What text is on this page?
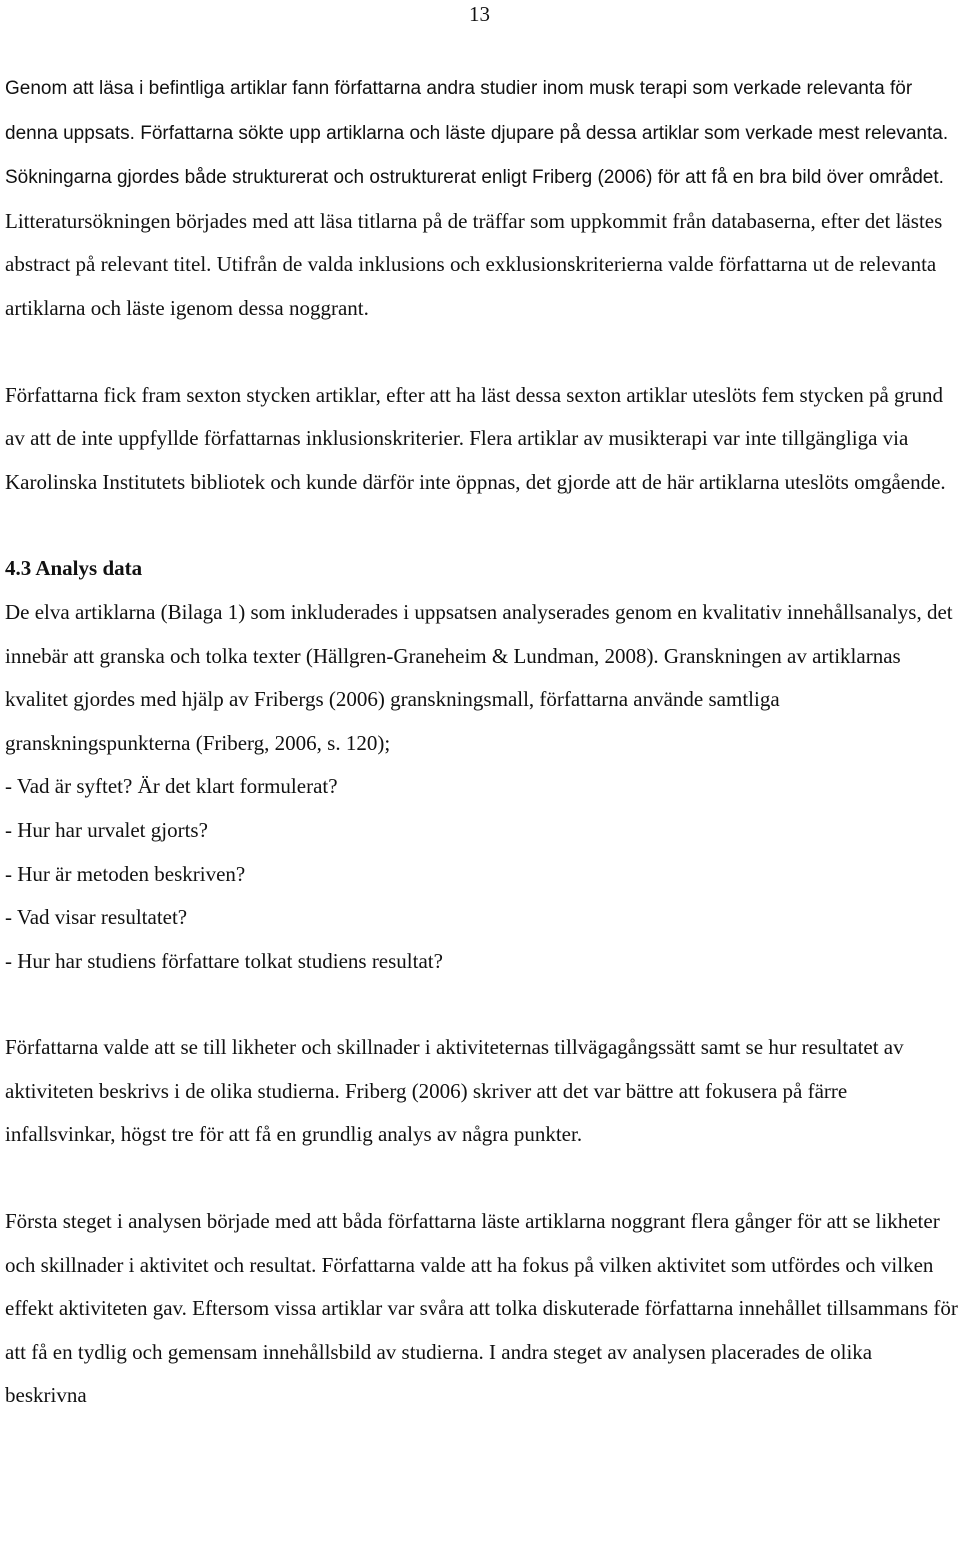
13

Genom att läsa i befintliga artiklar fann författarna andra studier inom musk terapi som verkade relevanta för denna uppsats. Författarna sökte upp artiklarna och läste djupare på dessa artiklar som verkade mest relevanta. Sökningarna gjordes både strukturerat och ostrukturerat enligt Friberg (2006) för att få en bra bild över området. Litteratursökningen börjades med att läsa titlarna på de träffar som uppkommit från databaserna, efter det lästes abstract på relevant titel. Utifrån de valda inklusions och exklusionskriterierna valde författarna ut de relevanta artiklarna och läste igenom dessa noggrant.

Författarna fick fram sexton stycken artiklar, efter att ha läst dessa sexton artiklar uteslöts fem stycken på grund av att de inte uppfyllde författarnas inklusionskriterier. Flera artiklar av musikterapi var inte tillgängliga via Karolinska Institutets bibliotek och kunde därför inte öppnas, det gjorde att de här artiklarna uteslöts omgående.

4.3 Analys data

De elva artiklarna (Bilaga 1) som inkluderades i uppsatsen analyserades genom en kvalitativ innehållsanalys, det innebär att granska och tolka texter (Hällgren-Graneheim & Lundman, 2008). Granskningen av artiklarnas kvalitet gjordes med hjälp av Fribergs (2006) granskningsmall, författarna använde samtliga granskningspunkterna (Friberg, 2006, s. 120);

- Vad är syftet? Är det klart formulerat?
- Hur har urvalet gjorts?
- Hur är metoden beskriven?
- Vad visar resultatet?
- Hur har studiens författare tolkat studiens resultat?

Författarna valde att se till likheter och skillnader i aktiviteternas tillvägagångssätt samt se hur resultatet av aktiviteten beskrivs i de olika studierna. Friberg (2006) skriver att det var bättre att fokusera på färre infallsvinkar, högst tre för att få en grundlig analys av några punkter.

Första steget i analysen började med att båda författarna läste artiklarna noggrant flera gånger för att se likheter och skillnader i aktivitet och resultat. Författarna valde att ha fokus på vilken aktivitet som utfördes och vilken effekt aktiviteten gav. Eftersom vissa artiklar var svåra att tolka diskuterade författarna innehållet tillsammans för att få en tydlig och gemensam innehållsbild av studierna. I andra steget av analysen placerades de olika beskrivna
